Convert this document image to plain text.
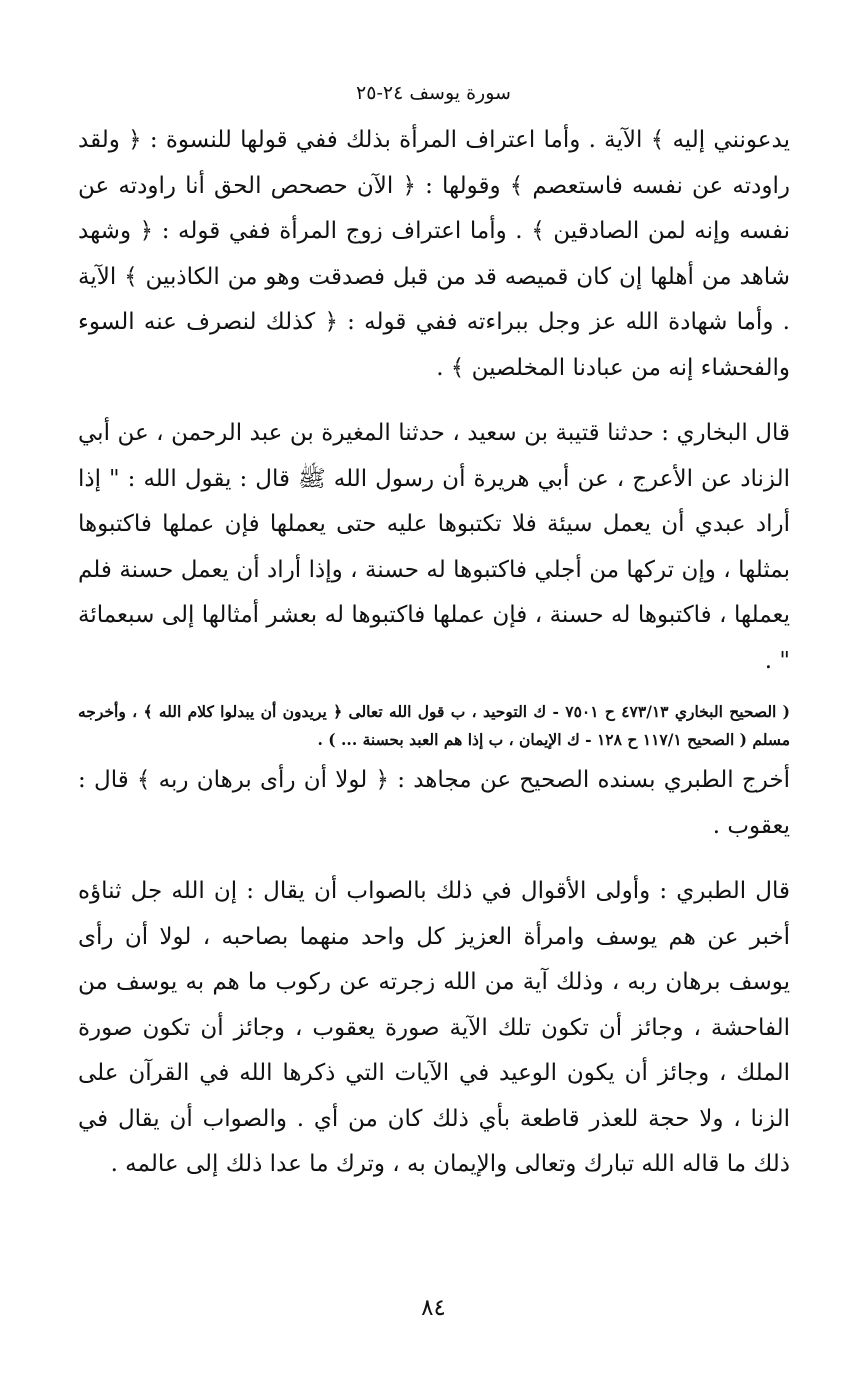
سورة يوسف ٢٤-٢٥

يدعونني إليه ﴾ الآية . وأما اعتراف المرأة بذلك ففي قولها للنسوة : ﴿ ولقد راودته عن نفسه فاستعصم ﴾ وقولها : ﴿ الآن حصحص الحق أنا راودته عن نفسه وإنه لمن الصادقين ﴾ . وأما اعتراف زوج المرأة ففي قوله : ﴿ وشهد شاهد من أهلها إن كان قميصه قد من قبل فصدقت وهو من الكاذبين ﴾ الآية . وأما شهادة الله عز وجل ببراءته ففي قوله : ﴿ كذلك لنصرف عنه السوء والفحشاء إنه من عبادنا المخلصين ﴾ .

قال البخاري : حدثنا قتيبة بن سعيد ، حدثنا المغيرة بن عبد الرحمن ، عن أبي الزناد عن الأعرج ، عن أبي هريرة أن رسول الله ﷺ قال : يقول الله : " إذا أراد عبدي أن يعمل سيئة فلا تكتبوها عليه حتى يعملها فإن عملها فاكتبوها بمثلها ، وإن تركها من أجلي فاكتبوها له حسنة ، وإذا أراد أن يعمل حسنة فلم يعملها ، فاكتبوها له حسنة ، فإن عملها فاكتبوها له بعشر أمثالها إلى سبعمائة " .

( الصحيح البخاري ٤٧٣/١٣ ح ٧٥٠١ - ك التوحيد ، ب قول الله تعالى ﴿ يريدون أن يبدلوا كلام الله ﴾ ، وأخرجه مسلم ( الصحيح ١١٧/١ ح ١٢٨ - ك الإيمان ، ب إذا هم العبد بحسنة ... ) .

أخرج الطبري بسنده الصحيح عن مجاهد : ﴿ لولا أن رأى برهان ربه ﴾ قال : يعقوب .

قال الطبري : وأولى الأقوال في ذلك بالصواب أن يقال : إن الله جل ثناؤه أخبر عن هم يوسف وامرأة العزيز كل واحد منهما بصاحبه ، لولا أن رأى يوسف برهان ربه ، وذلك آية من الله زجرته عن ركوب ما هم به يوسف من الفاحشة ، وجائز أن تكون تلك الآية صورة يعقوب ، وجائز أن تكون صورة الملك ، وجائز أن يكون الوعيد في الآيات التي ذكرها الله في القرآن على الزنا ، ولا حجة للعذر قاطعة بأي ذلك كان من أي . والصواب أن يقال في ذلك ما قاله الله تبارك وتعالى والإيمان به ، وترك ما عدا ذلك إلى عالمه .

٨٤
